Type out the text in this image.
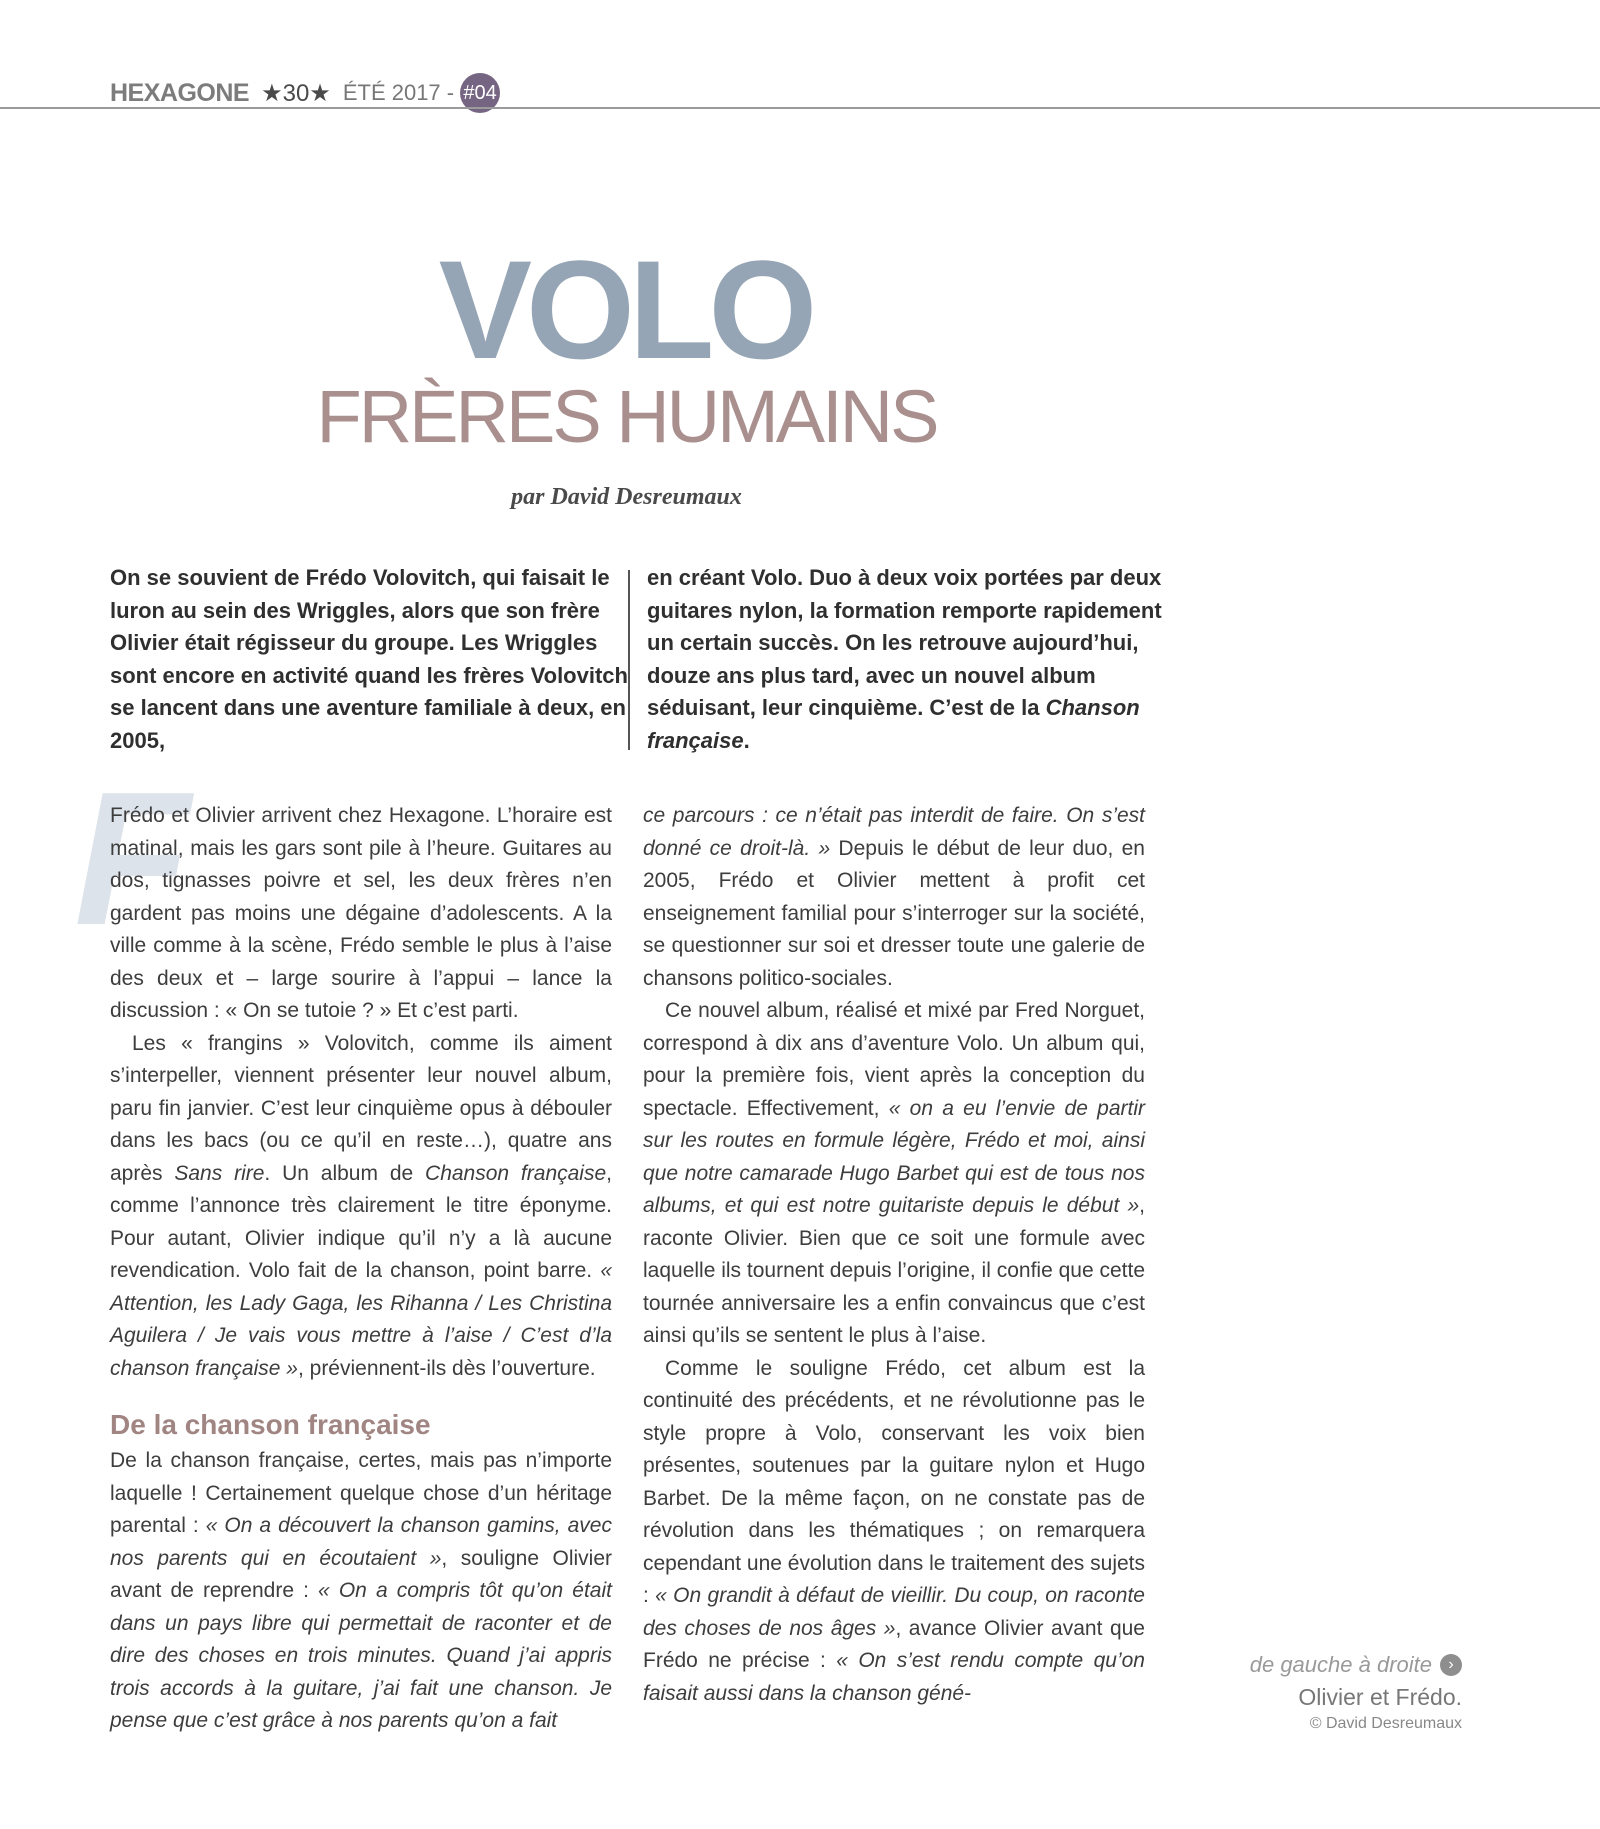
HEXAGONE ★30★ ÉTÉ 2017 - #04
VOLO
FRÈRES HUMAINS
par David Desreumaux
On se souvient de Frédo Volovitch, qui faisait le luron au sein des Wriggles, alors que son frère Olivier était régisseur du groupe. Les Wriggles sont encore en activité quand les frères Volovitch se lancent dans une aventure familiale à deux, en 2005,
en créant Volo. Duo à deux voix portées par deux guitares nylon, la formation remporte rapidement un certain succès. On les retrouve aujourd’hui, douze ans plus tard, avec un nouvel album séduisant, leur cinquième. C’est de la Chanson française.
F

Frédo et Olivier arrivent chez Hexagone. L’horaire est matinal, mais les gars sont pile à l’heure. Guitares au dos, tignasses poivre et sel, les deux frères n’en gardent pas moins une dégaine d’adolescents. A la ville comme à la scène, Frédo semble le plus à l’aise des deux et – large sourire à l’appui – lance la discussion : « On se tutoie ? » Et c’est parti.

Les « frangins » Volovitch, comme ils aiment s’interpeller, viennent présenter leur nouvel album, paru fin janvier. C’est leur cinquième opus à débouler dans les bacs (ou ce qu’il en reste…), quatre ans après Sans rire. Un album de Chanson française, comme l’annonce très clairement le titre éponyme. Pour autant, Olivier indique qu’il n’y a là aucune revendication. Volo fait de la chanson, point barre. « Attention, les Lady Gaga, les Rihanna / Les Christina Aguilera / Je vais vous mettre à l’aise / C’est d’la chanson française », préviennent-ils dès l’ouverture.

De la chanson française

De la chanson française, certes, mais pas n’importe laquelle ! Certainement quelque chose d’un héritage parental : « On a découvert la chanson gamins, avec nos parents qui en écoutaient », souligne Olivier avant de reprendre : « On a compris tôt qu’on était dans un pays libre qui permettait de raconter et de dire des choses en trois minutes. Quand j’ai appris trois accords à la guitare, j’ai fait une chanson. Je pense que c’est grâce à nos parents qu’on a fait

ce parcours : ce n’était pas interdit de faire. On s’est donné ce droit-là. » Depuis le début de leur duo, en 2005, Frédo et Olivier mettent à profit cet enseignement familial pour s’interroger sur la société, se questionner sur soi et dresser toute une galerie de chansons politico-sociales.

Ce nouvel album, réalisé et mixé par Fred Norguet, correspond à dix ans d’aventure Volo. Un album qui, pour la première fois, vient après la conception du spectacle. Effectivement, « on a eu l’envie de partir sur les routes en formule légère, Frédo et moi, ainsi que notre camarade Hugo Barbet qui est de tous nos albums, et qui est notre guitariste depuis le début », raconte Olivier. Bien que ce soit une formule avec laquelle ils tournent depuis l’origine, il confie que cette tournée anniversaire les a enfin convaincus que c’est ainsi qu’ils se sentent le plus à l’aise.

Comme le souligne Frédo, cet album est la continuité des précédents, et ne révolutionne pas le style propre à Volo, conservant les voix bien présentes, soutenues par la guitare nylon et Hugo Barbet. De la même façon, on ne constate pas de révolution dans les thématiques ; on remarquera cependant une évolution dans le traitement des sujets : « On grandit à défaut de vieillir. Du coup, on raconte des choses de nos âges », avance Olivier avant que Frédo ne précise : « On s’est rendu compte qu’on faisait aussi dans la chanson géné-

de gauche à droite	›
Olivier et Frédo.
© David Desreumaux
